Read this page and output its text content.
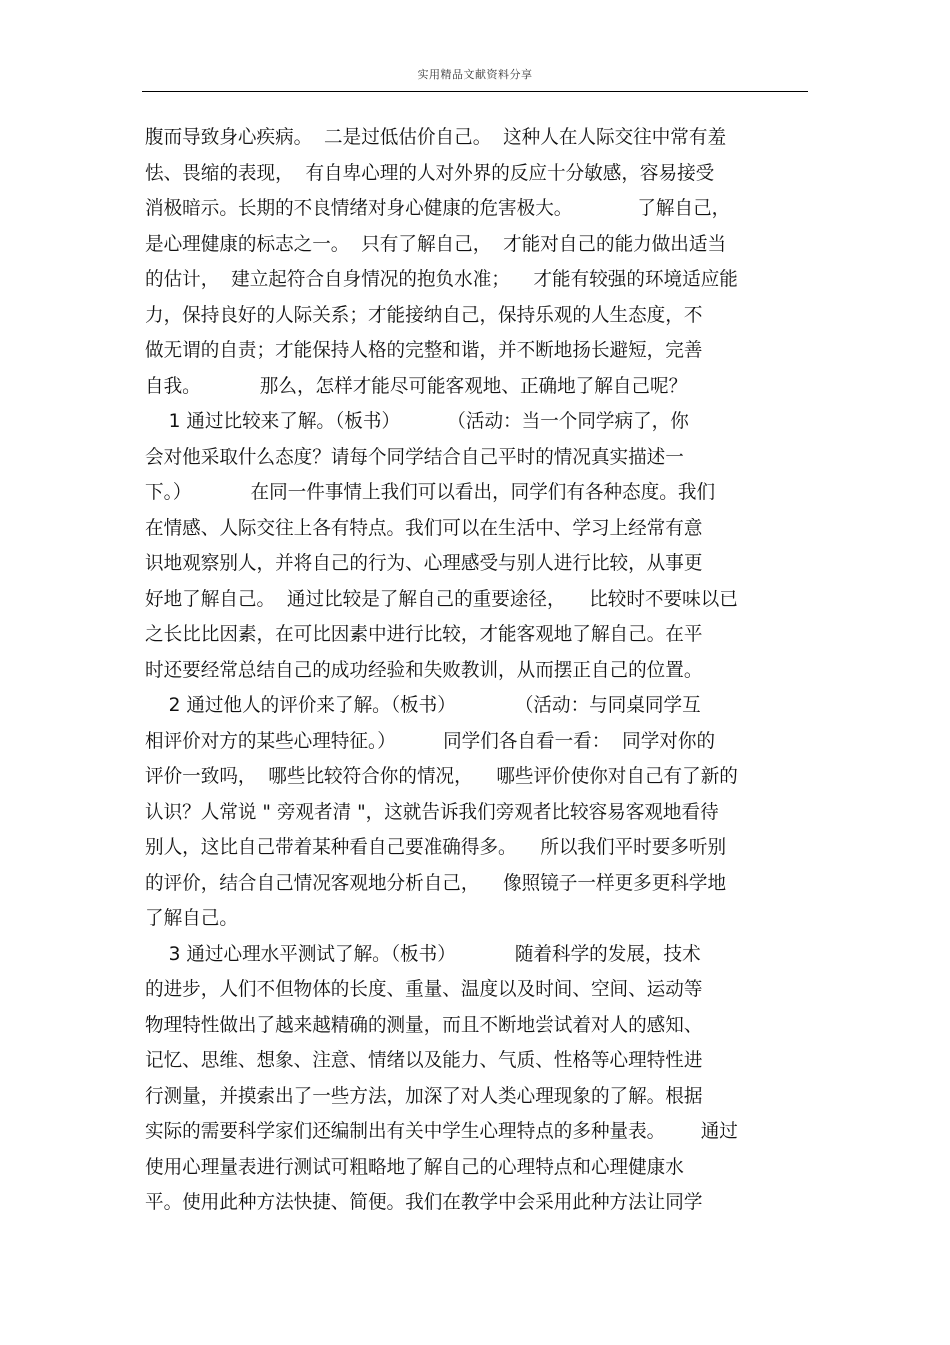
实用精品文献资料分享
腹而导致身心疾病。  二是过低估价自己。  这种人在人际交往中常有羞
怯、畏缩的表现，  有自卑心理的人对外界的反应十分敏感，容易接受
消极暗示。长期的不良情绪对身心健康的危害极大。           了解自己，
是心理健康的标志之一。  只有了解自己，  才能对自己的能力做出适当
的估计，  建立起符合自身情况的抱负水准；    才能有较强的环境适应能
力，保持良好的人际关系；才能接纳自己，保持乐观的人生态度，不
做无谓的自责；才能保持人格的完整和谐，并不断地扬长避短，完善
自我。          那么，怎样才能尽可能客观地、正确地了解自己呢？
1 通过比较来了解。（板书）        （活动：当一个同学病了，你
会对他采取什么态度？请每个同学结合自己平时的情况真实描述一
下。）          在同一件事情上我们可以看出，同学们有各种态度。我们
在情感、人际交往上各有特点。我们可以在生活中、学习上经常有意
识地观察别人，并将自己的行为、心理感受与别人进行比较，从事更
好地了解自己。  通过比较是了解自己的重要途径，    比较时不要味以已
之长比比因素，在可比因素中进行比较，才能客观地了解自己。在平
时还要经常总结自己的成功经验和失败教训，从而摆正自己的位置。
2 通过他人的评价来了解。（板书）          （活动：与同桌同学互
相评价对方的某些心理特征。）        同学们各自看一看：  同学对你的
评价一致吗，  哪些比较符合你的情况，    哪些评价使你对自己有了新的
认识？人常说 " 旁观者清 "，这就告诉我们旁观者比较容易客观地看待
别人，这比自己带着某种看自己要准确得多。    所以我们平时要多听别
的评价，结合自己情况客观地分析自己，    像照镜子一样更多更科学地
了解自己。
3 通过心理水平测试了解。（板书）          随着科学的发展，技术
的进步，人们不但物体的长度、重量、温度以及时间、空间、运动等
物理特性做出了越来越精确的测量，而且不断地尝试着对人的感知、
记忆、思维、想象、注意、情绪以及能力、气质、性格等心理特性进
行测量，并摸索出了一些方法，加深了对人类心理现象的了解。根据
实际的需要科学家们还编制出有关中学生心理特点的多种量表。      通过
使用心理量表进行测试可粗略地了解自己的心理特点和心理健康水
平。使用此种方法快捷、简便。我们在教学中会采用此种方法让同学
